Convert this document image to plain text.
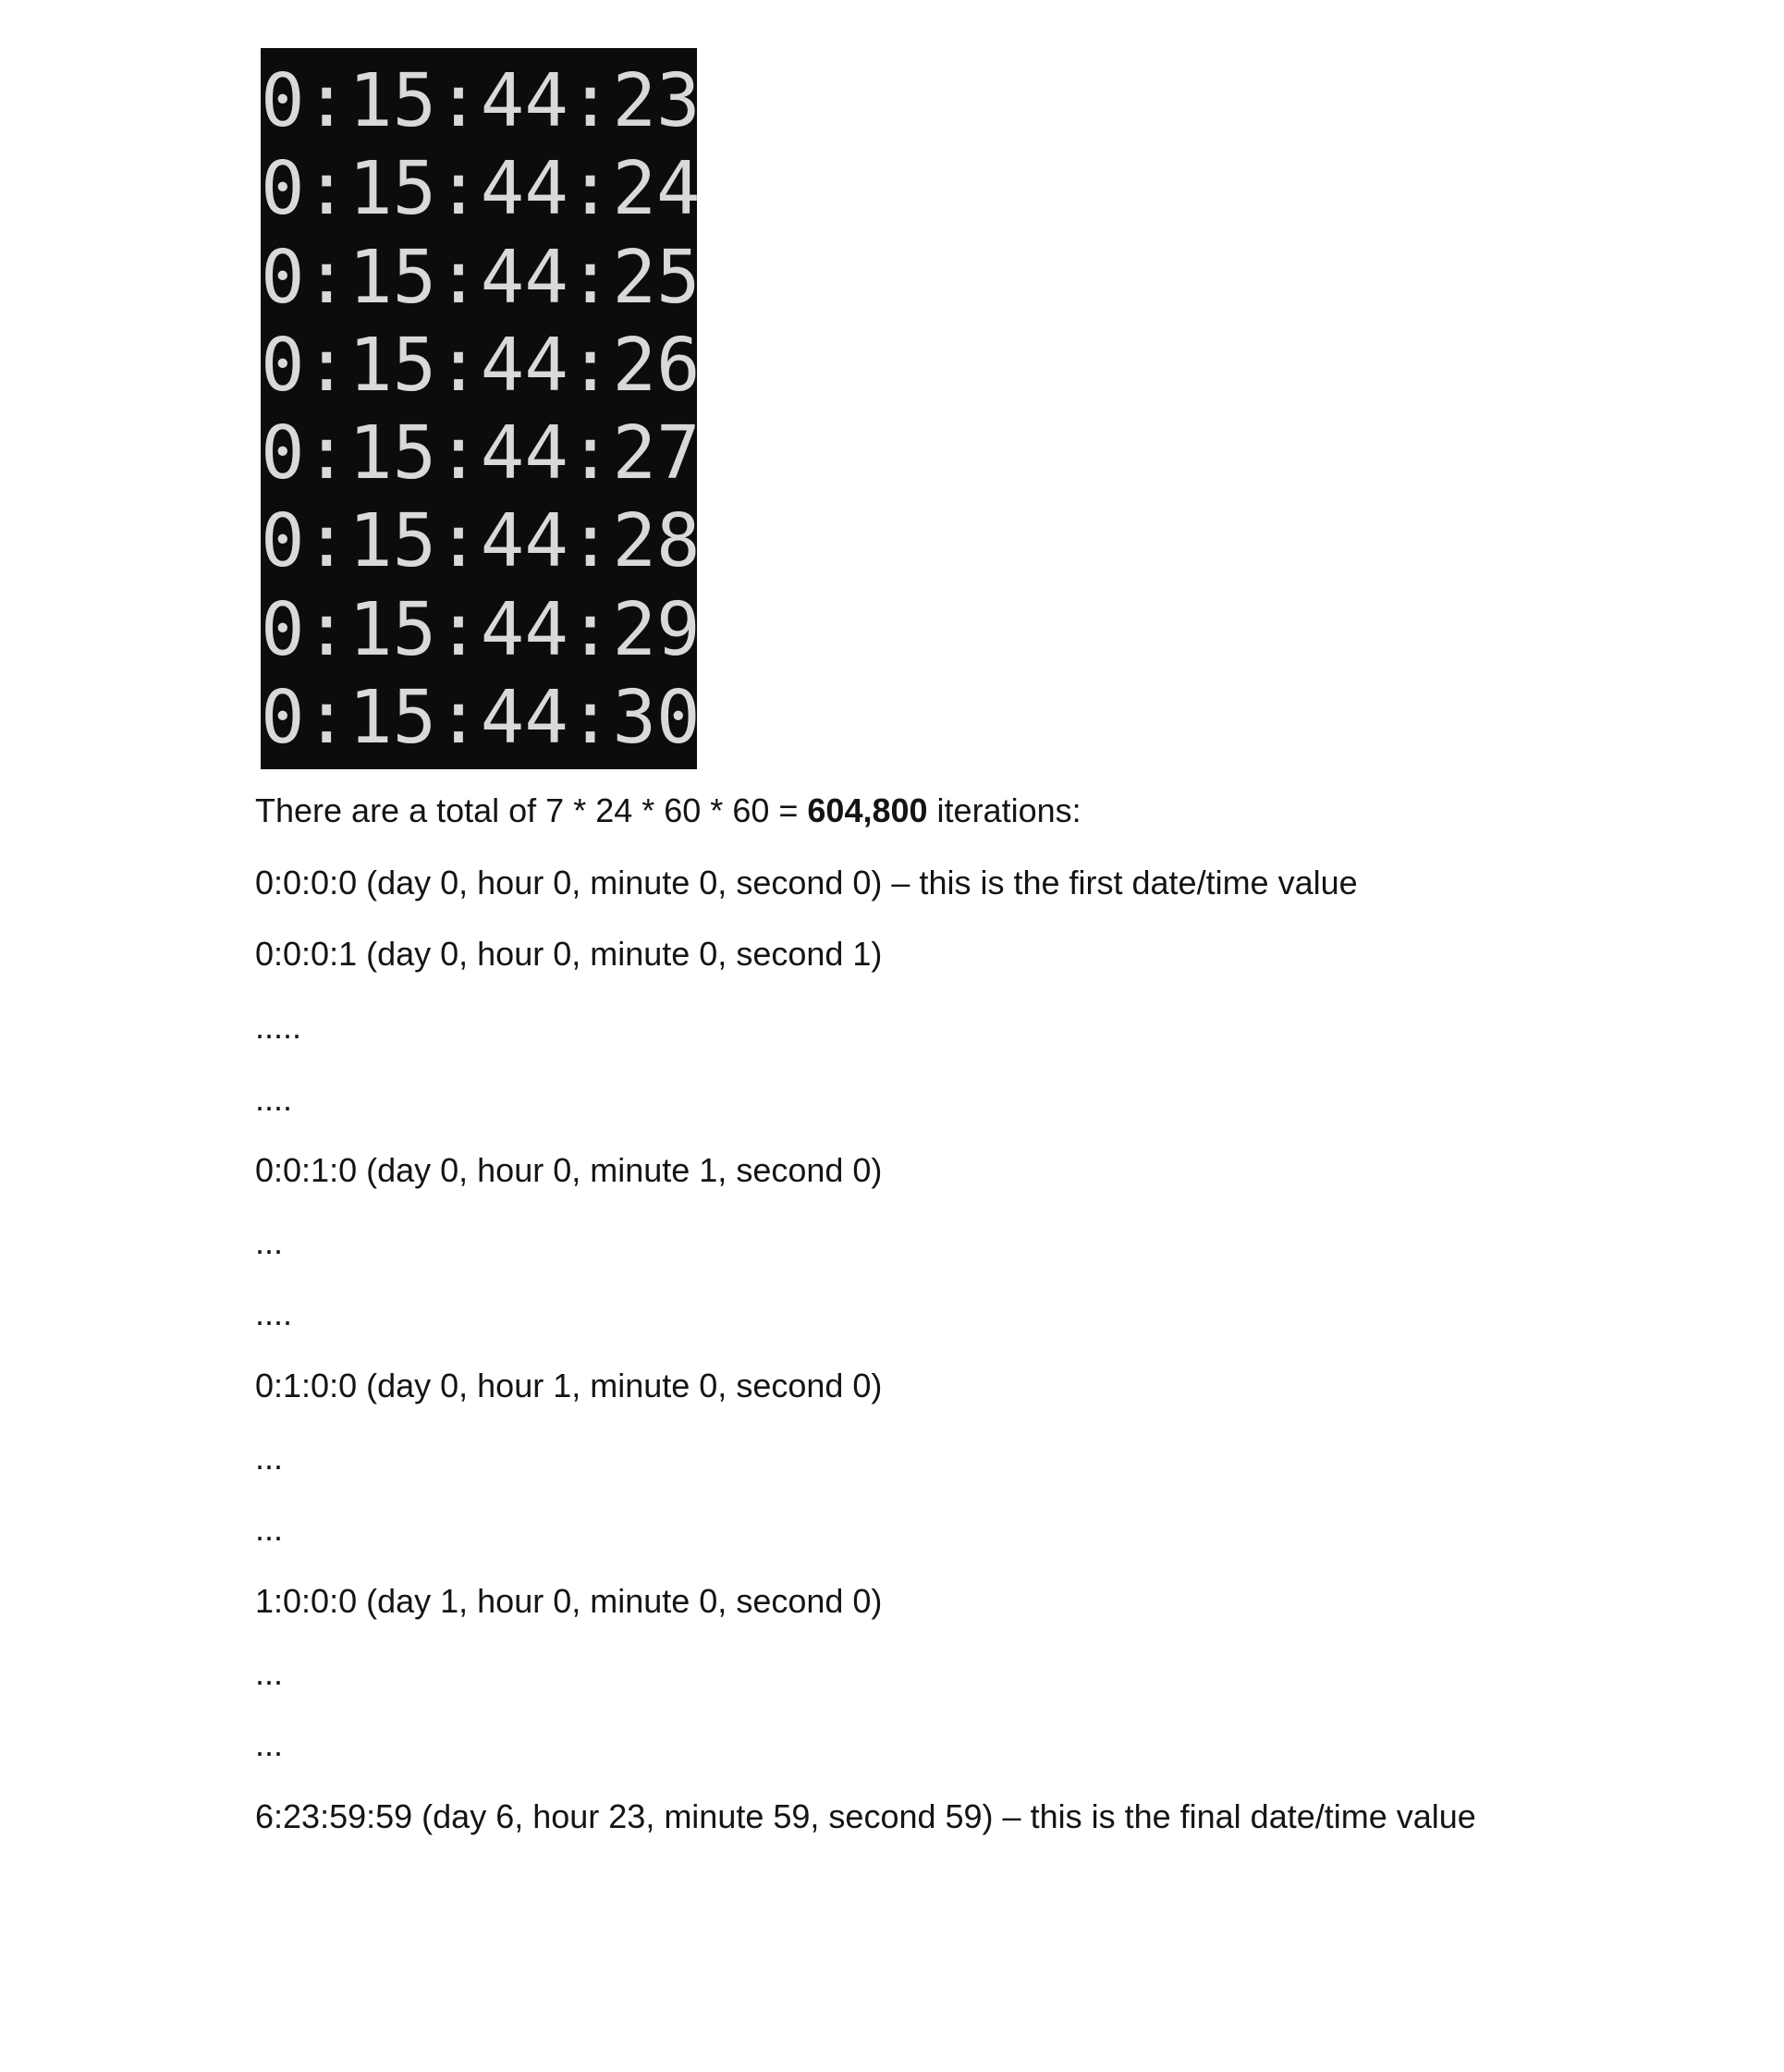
0:15:44:23
0:15:44:24
0:15:44:25
0:15:44:26
0:15:44:27
0:15:44:28
0:15:44:29
0:15:44:30
There are a total of 7 * 24 * 60 * 60 = 604,800 iterations:
0:0:0:0 (day 0, hour 0, minute 0, second 0) – this is the first date/time value
0:0:0:1 (day 0, hour 0, minute 0, second 1)
.....
....
0:0:1:0 (day 0, hour 0, minute 1, second 0)
...
....
0:1:0:0 (day 0, hour 1, minute 0, second 0)
...
...
1:0:0:0 (day 1, hour 0, minute 0, second 0)
...
...
6:23:59:59 (day 6, hour 23, minute 59, second 59) – this is the final date/time value
